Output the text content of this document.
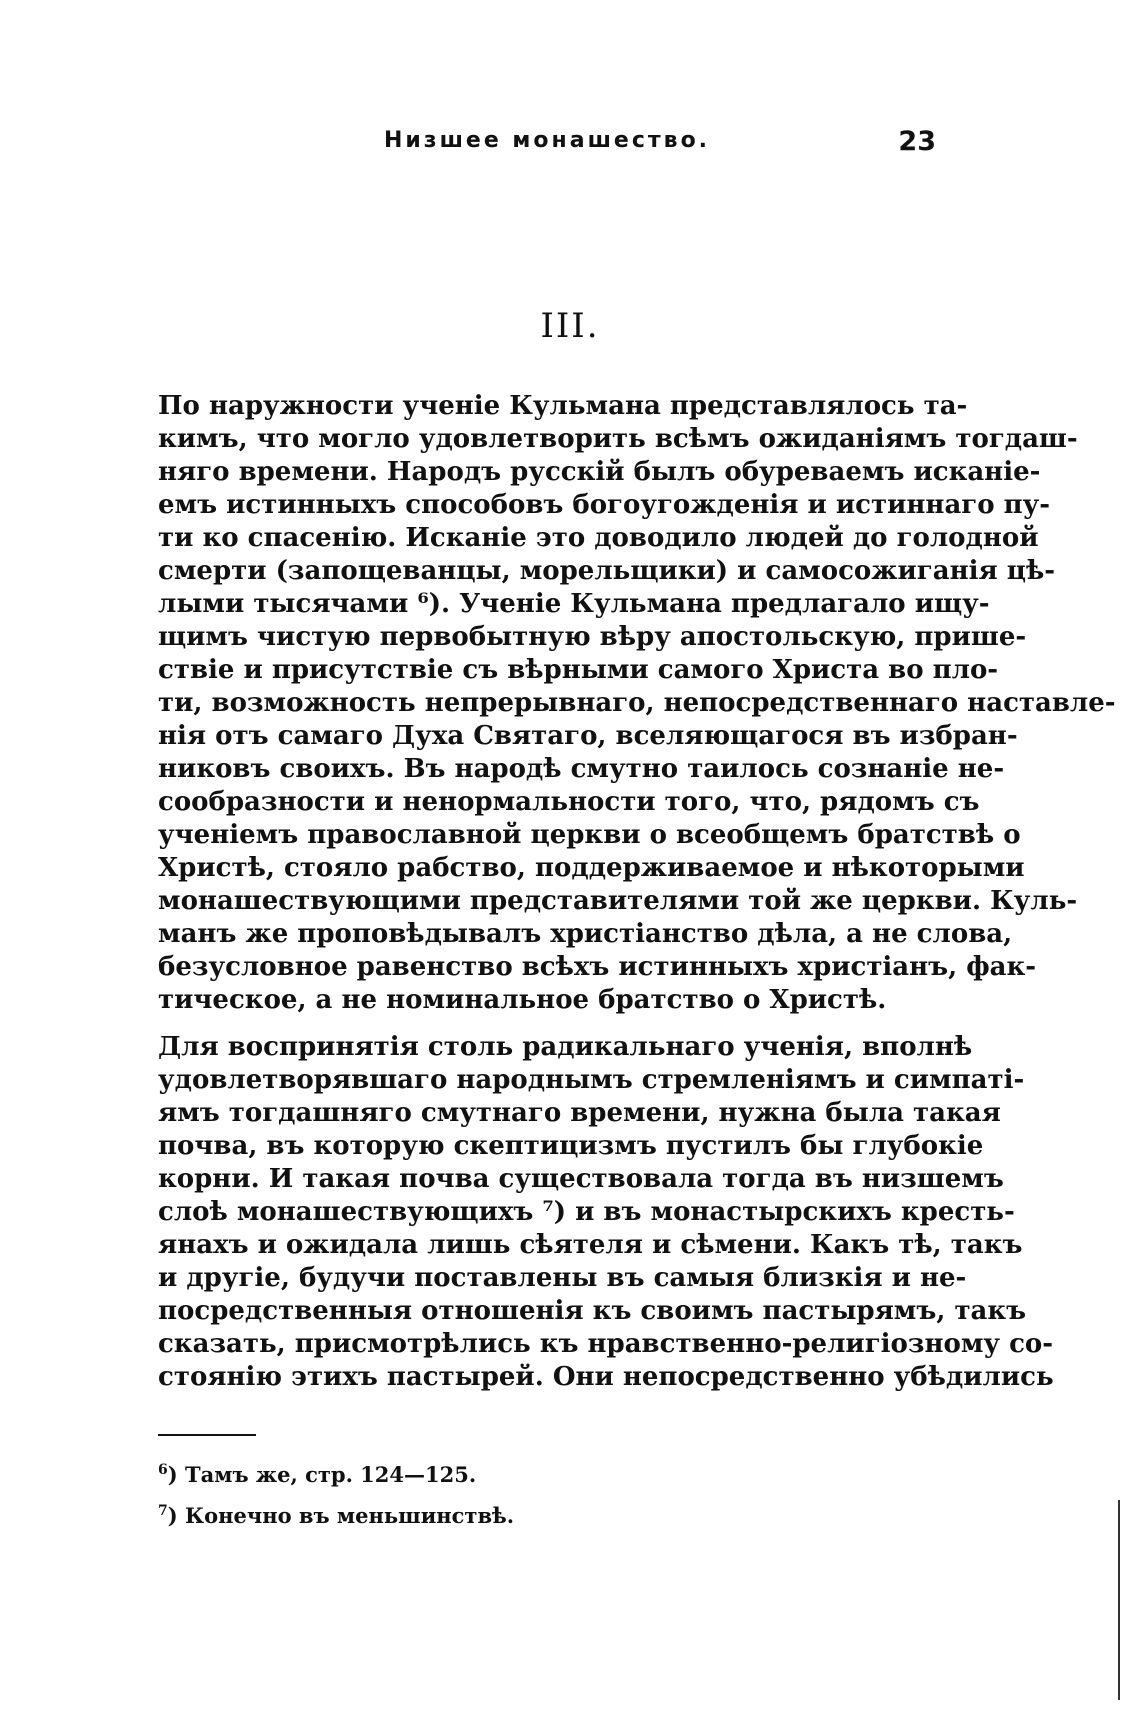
Низшее монашество.	23
III.
По наружности ученіе Кульмана представлялось та-
кимъ, что могло удовлетворить всѣмъ ожиданіямъ тогдаш-
няго времени. Народъ русскій былъ обуреваемъ исканіе-
емъ истинныхъ способовъ богоугожденія и истиннаго пу-
ти ко спасенію. Исканіе это доводило людей до голодной
смерти (запощеванцы, морельщики) и самосожиганія цѣ-
лыми тысячами ⁶). Ученіе Кульмана предлагало ищу-
щимъ чистую первобытную вѣру апостольскую, прише-
ствіе и присутствіе съ вѣрными самого Христа во пло-
ти, возможность непрерывнаго, непосредственнаго наставле-
нія отъ самаго Духа Святаго, вселяющагося въ избран-
никовъ своихъ. Въ народѣ смутно таилось сознаніе не-
сообразности и ненормальности того, что, рядомъ съ
ученіемъ православной церкви о всеобщемъ братствѣ о
Христѣ, стояло рабство, поддерживаемое и нѣкоторыми
монашествующими представителями той же церкви. Куль-
манъ же проповѣдывалъ христіанство дѣла, а не слова,
безусловное равенство всѣхъ истинныхъ христіанъ, фак-
тическое, а не номинальное братство о Христѣ.
Для воспринятія столь радикальнаго ученія, вполнѣ
удовлетворявшаго народнымъ стремленіямъ и симпаті-
ямъ тогдашняго смутнаго времени, нужна была такая
почва, въ которую скептицизмъ пустилъ бы глубокіе
корни. И такая почва существовала тогда въ низшемъ
слоѣ монашествующихъ ⁷) и въ монастырскихъ кресть-
янахъ и ожидала лишь сѣятеля и сѣмени. Какъ тѣ, такъ
и другіе, будучи поставлены въ самыя близкія и не-
посредственныя отношенія къ своимъ пастырямъ, такъ
сказать, присмотрѣлись къ нравственно-религіозному со-
стоянію этихъ пастырей. Они непосредственно убѣдились
$^6$) Тамъ же, стр. 124—125.
$^7$) Конечно въ меньшинствѣ.
